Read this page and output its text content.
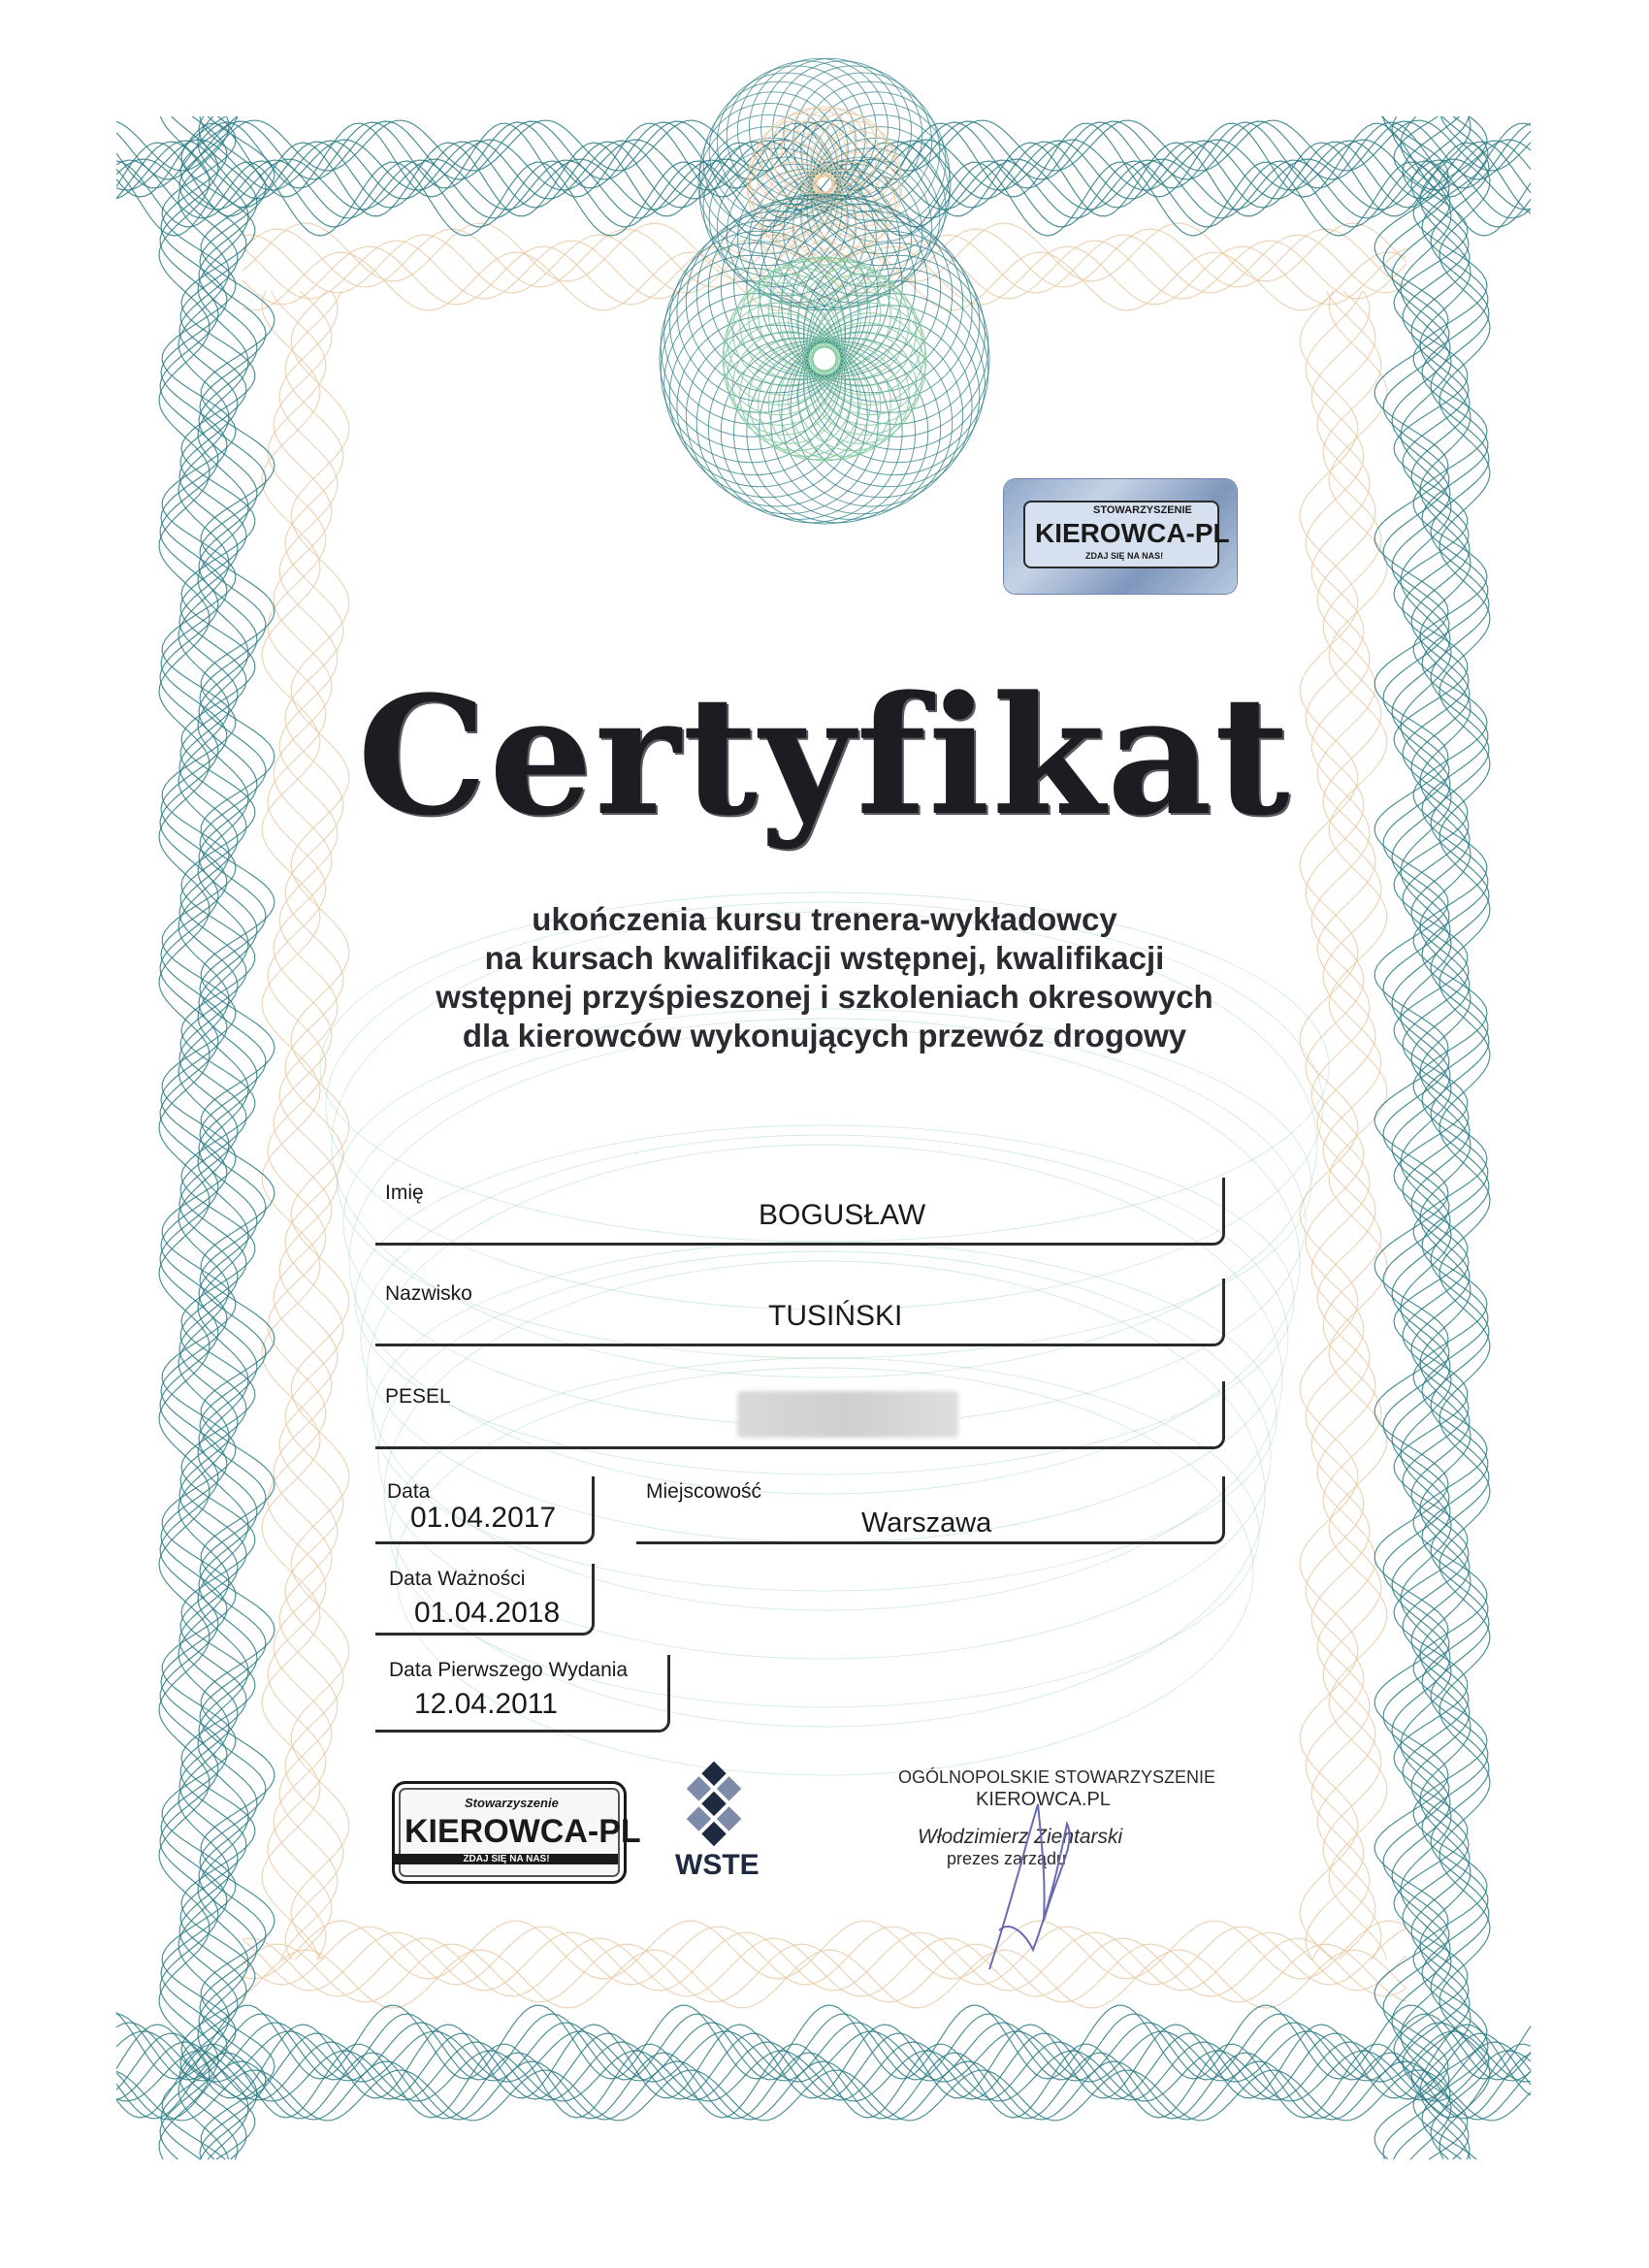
STOWARZYSZENIE
KIEROWCA-PL
ZDAJ SIĘ NA NAS!
Certyfikat
ukończenia kursu trenera-wykładowcy
na kursach kwalifikacji wstępnej, kwalifikacji
wstępnej przyśpieszonej i szkoleniach okresowych
dla kierowców wykonujących przewóz drogowy
Imię
BOGUSŁAW
Nazwisko
TUSIŃSKI
PESEL
Data
01.04.2017
Miejscowość
Warszawa
Data Ważności
01.04.2018
Data Pierwszego Wydania
12.04.2011
Stowarzyszenie
KIEROWCA-PL
ZDAJ SIĘ NA NAS!	WSTE
OGÓLNOPOLSKIE STOWARZYSZENIE
KIEROWCA.PL
Włodzimierz Zientarski
prezes zarządu
